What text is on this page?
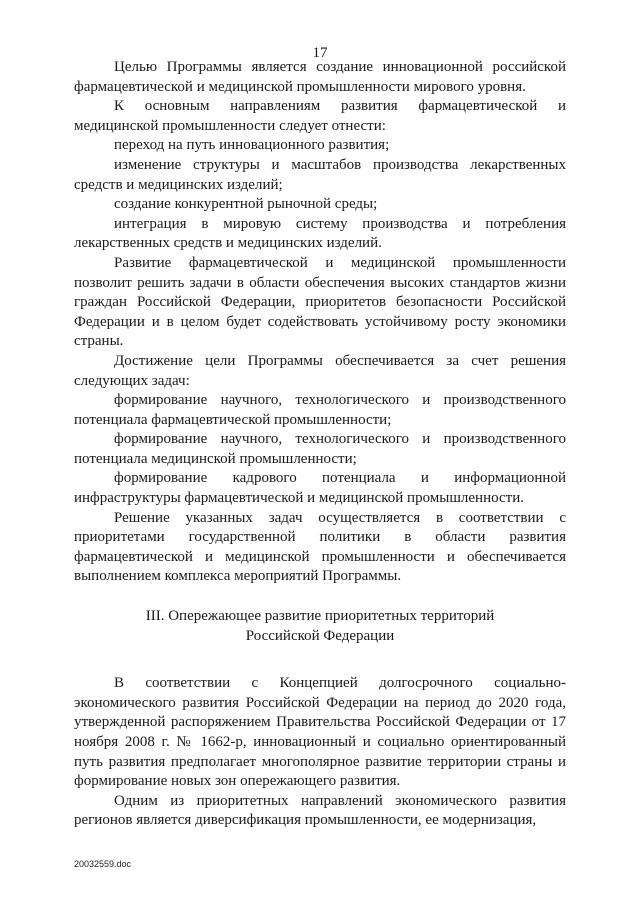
17

Целью Программы является создание инновационной российской фармацевтической и медицинской промышленности мирового уровня.

К основным направлениям развития фармацевтической и медицинской промышленности следует отнести:

переход на путь инновационного развития;

изменение структуры и масштабов производства лекарственных средств и медицинских изделий;

создание конкурентной рыночной среды;

интеграция в мировую систему производства и потребления лекарственных средств и медицинских изделий.

Развитие фармацевтической и медицинской промышленности позволит решить задачи в области обеспечения высоких стандартов жизни граждан Российской Федерации, приоритетов безопасности Российской Федерации и в целом будет содействовать устойчивому росту экономики страны.

Достижение цели Программы обеспечивается за счет решения следующих задач:

формирование научного, технологического и производственного потенциала фармацевтической промышленности;

формирование научного, технологического и производственного потенциала медицинской промышленности;

формирование кадрового потенциала и информационной инфраструктуры фармацевтической и медицинской промышленности.

Решение указанных задач осуществляется в соответствии с приоритетами государственной политики в области развития фармацевтической и медицинской промышленности и обеспечивается выполнением комплекса мероприятий Программы.

III. Опережающее развитие приоритетных территорий
Российской Федерации

В соответствии с Концепцией долгосрочного социально-экономического развития Российской Федерации на период до 2020 года, утвержденной распоряжением Правительства Российской Федерации от 17 ноября 2008 г. № 1662-р, инновационный и социально ориентированный путь развития предполагает многополярное развитие территории страны и формирование новых зон опережающего развития.

Одним из приоритетных направлений экономического развития регионов является диверсификация промышленности, ее модернизация,

20032559.doc
